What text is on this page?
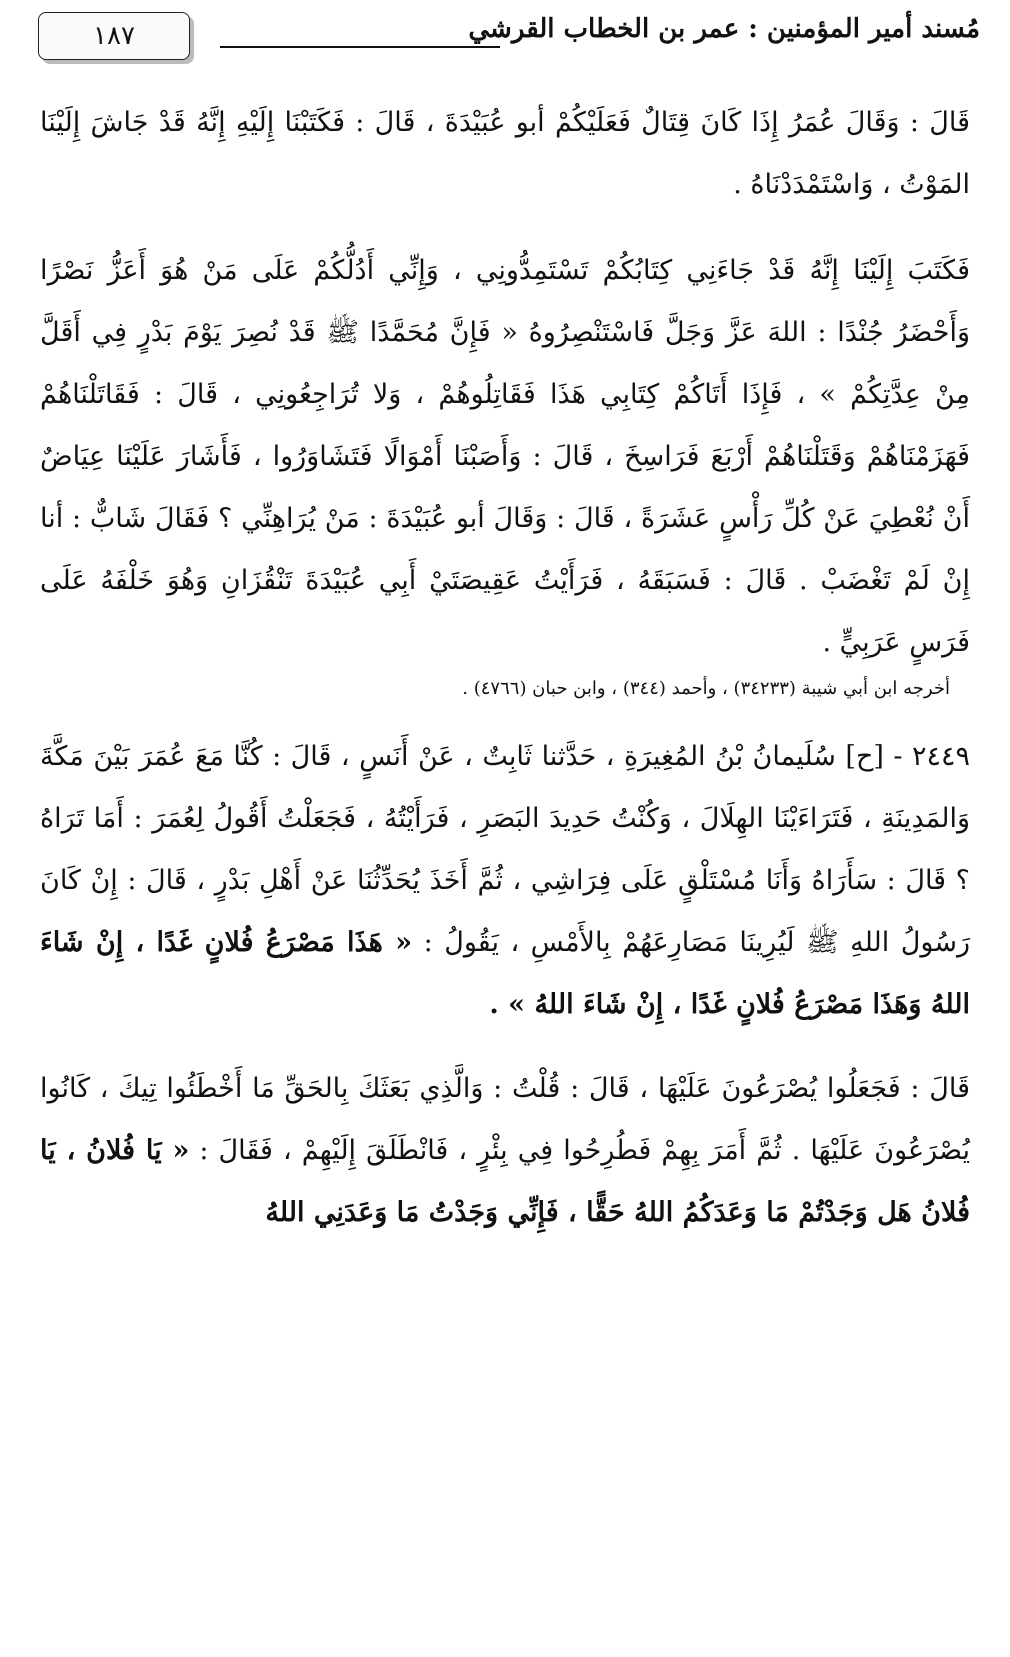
١٨٧	مُسند أمير المؤمنين : عمر بن الخطاب القرشي

قَالَ : وَقَالَ عُمَرُ إِذَا كَانَ قِتَالٌ فَعَلَيْكُمْ أبو عُبَيْدَةَ ، قَالَ : فَكَتَبْنَا إِلَيْهِ إِنَّهُ قَدْ جَاشَ إِلَيْنَا المَوْتُ ، وَاسْتَمْدَدْنَاهُ .

فَكَتَبَ إِلَيْنَا إِنَّهُ قَدْ جَاءَنِي كِتَابُكُمْ تَسْتَمِدُّونِي ، وَإِنِّي أَدُلُّكُمْ عَلَى مَنْ هُوَ أَعَزُّ نَصْرًا وَأَحْضَرُ جُنْدًا : اللهَ عَزَّ وَجَلَّ فَاسْتَنْصِرُوهُ « فَإِنَّ مُحَمَّدًا ﷺ قَدْ نُصِرَ يَوْمَ بَدْرٍ فِي أَقَلَّ مِنْ عِدَّتِكُمْ » ، فَإِذَا أَتَاكُمْ كِتَابِي هَذَا فَقَاتِلُوهُمْ ، وَلا تُرَاجِعُونِي ، قَالَ : فَقَاتَلْنَاهُمْ فَهَزَمْنَاهُمْ وَقَتَلْنَاهُمْ أَرْبَعَ فَرَاسِخَ ، قَالَ : وَأَصَبْنَا أَمْوَالًا فَتَشَاوَرُوا ، فَأَشَارَ عَلَيْنَا عِيَاضٌ أَنْ نُعْطِيَ عَنْ كُلِّ رَأْسٍ عَشَرَةً ، قَالَ : وَقَالَ أبو عُبَيْدَةَ : مَنْ يُرَاهِنِّي ؟ فَقَالَ شَابٌّ : أنا إِنْ لَمْ تَغْضَبْ . قَالَ : فَسَبَقَهُ ، فَرَأَيْتُ عَقِيصَتَيْ أَبِي عُبَيْدَةَ تَنْقُزَانِ وَهُوَ خَلْفَهُ عَلَى فَرَسٍ عَرَبِيٍّ .

أخرجه ابن أبي شيبة (٣٤٢٣٣) ، وأحمد (٣٤٤) ، وابن حبان (٤٧٦٦) .

٢٤٤٩ - [ح] سُلَيمانُ بْنُ المُغِيرَةِ ، حَدَّثنا ثَابِتٌ ، عَنْ أَنَسٍ ، قَالَ : كُنَّا مَعَ عُمَرَ بَيْنَ مَكَّةَ وَالمَدِينَةِ ، فَتَرَاءَيْنَا الهِلَالَ ، وَكُنْتُ حَدِيدَ البَصَرِ ، فَرَأَيْتُهُ ، فَجَعَلْتُ أَقُولُ لِعُمَرَ : أَمَا تَرَاهُ ؟ قَالَ : سَأَرَاهُ وَأَنَا مُسْتَلْقٍ عَلَى فِرَاشِي ، ثُمَّ أَخَذَ يُحَدِّثُنَا عَنْ أَهْلِ بَدْرٍ ، قَالَ : إِنْ كَانَ رَسُولُ اللهِ ﷺ لَيُرِينَا مَصَارِعَهُمْ بِالأَمْسِ ، يَقُولُ : « هَذَا مَصْرَعُ فُلانٍ غَدًا ، إِنْ شَاءَ اللهُ وَهَذَا مَصْرَعُ فُلانٍ غَدًا ، إِنْ شَاءَ اللهُ » .

قَالَ : فَجَعَلُوا يُصْرَعُونَ عَلَيْهَا ، قَالَ : قُلْتُ : وَالَّذِي بَعَثَكَ بِالحَقِّ مَا أَخْطَئُوا تِيكَ ، كَانُوا يُصْرَعُونَ عَلَيْهَا . ثُمَّ أَمَرَ بِهِمْ فَطُرِحُوا فِي بِئْرٍ ، فَانْطَلَقَ إِلَيْهِمْ ، فَقَالَ : « يَا فُلانُ ، يَا فُلانُ هَل وَجَدْتُمْ مَا وَعَدَكُمُ اللهُ حَقًّا ، فَإِنِّي وَجَدْتُ مَا وَعَدَنِي اللهُ
